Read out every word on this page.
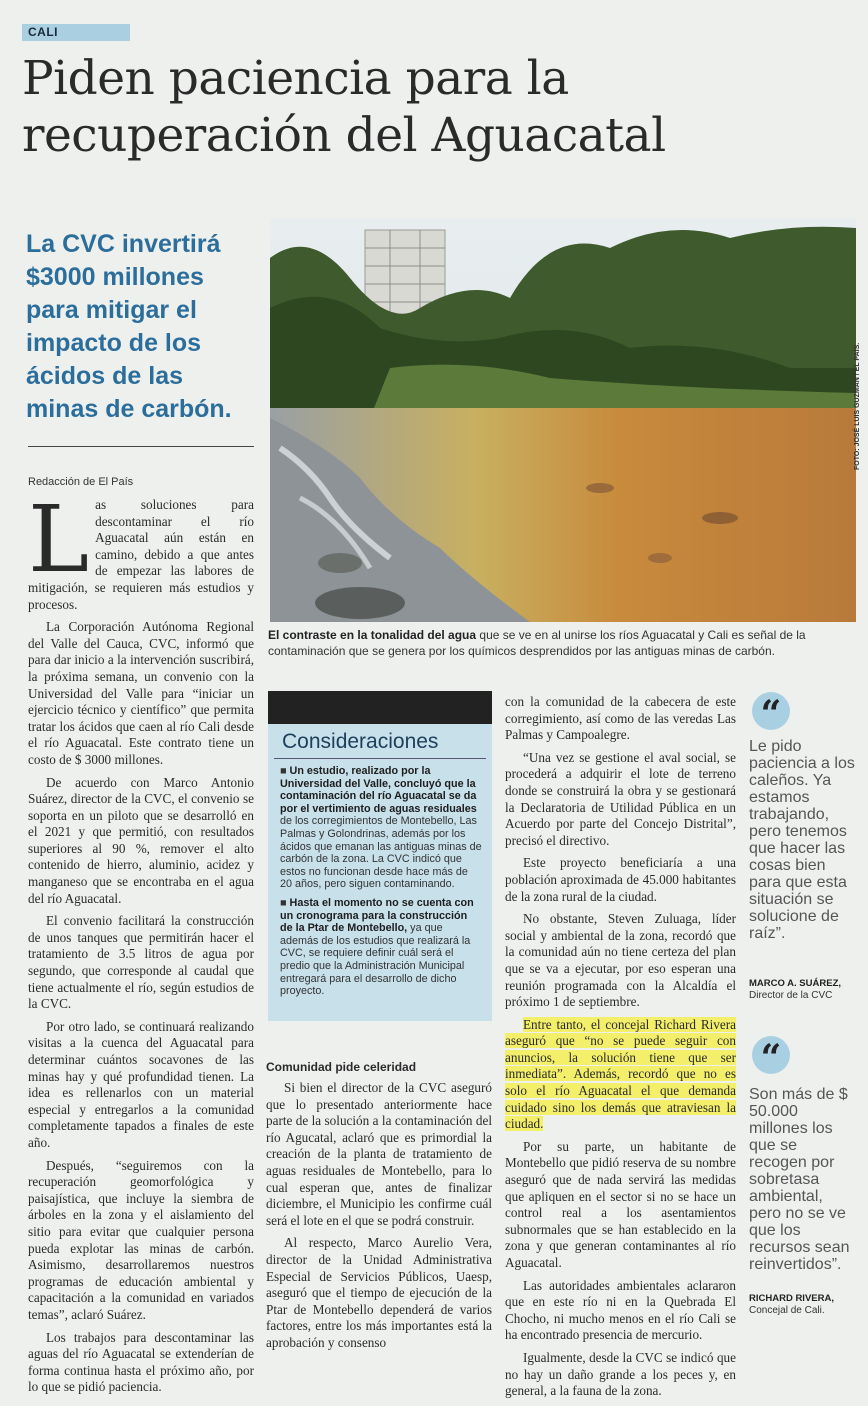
CALI
Piden paciencia para la recuperación del Aguacatal
La CVC invertirá $3000 millones para mitigar el impacto de los ácidos de las minas de carbón.
Redacción de El País
FOTO: JOSÉ LUIS GUZMÁN / EL PAÍS.
El contraste en la tonalidad del agua que se ve en al unirse los ríos Aguacatal y Cali es señal de la contaminación que se genera por los químicos desprendidos por las antiguas minas de carbón.

Las soluciones para descontaminar el río Aguacatal aún están en camino, debido a que antes de empezar las labores de mitigación, se requieren más estudios y procesos.

La Corporación Autónoma Regional del Valle del Cauca, CVC, informó que para dar inicio a la intervención suscribirá, la próxima semana, un convenio con la Universidad del Valle para “iniciar un ejercicio técnico y científico” que permita tratar los ácidos que caen al río Cali desde el río Aguacatal. Este contrato tiene un costo de $ 3000 millones.

De acuerdo con Marco Antonio Suárez, director de la CVC, el convenio se soporta en un piloto que se desarrolló en el 2021 y que permitió, con resultados superiores al 90 %, remover el alto contenido de hierro, aluminio, acidez y manganeso que se encontraba en el agua del río Aguacatal.

El convenio facilitará la construcción de unos tanques que permitirán hacer el tratamiento de 3.5 litros de agua por segundo, que corresponde al caudal que tiene actualmente el río, según estudios de la CVC.

Por otro lado, se continuará realizando visitas a la cuenca del Aguacatal para determinar cuántos socavones de las minas hay y qué profundidad tienen. La idea es rellenarlos con un material especial y entregarlos a la comunidad completamente tapados a finales de este año.

Después, “seguiremos con la recuperación geomorfológica y paisajística, que incluye la siembra de árboles en la zona y el aislamiento del sitio para evitar que cualquier persona pueda explotar las minas de carbón. Asimismo, desarrollaremos nuestros programas de educación ambiental y capacitación a la comunidad en variados temas”, aclaró Suárez.

Los trabajos para descontaminar las aguas del río Aguacatal se extenderían de forma continua hasta el próximo año, por lo que se pidió paciencia.

Consideraciones
■ Un estudio, realizado por la Universidad del Valle, concluyó que la contaminación del río Aguacatal se da por el vertimiento de aguas residuales de los corregimientos de Montebello, Las Palmas y Golondrinas, además por los ácidos que emanan las antiguas minas de carbón de la zona. La CVC indicó que estos no funcionan desde hace más de 20 años, pero siguen contaminando.
■ Hasta el momento no se cuenta con un cronograma para la construcción de la Ptar de Montebello, ya que además de los estudios que realizará la CVC, se requiere definir cuál será el predio que la Administración Municipal entregará para el desarrollo de dicho proyecto.

Comunidad pide celeridad

Si bien el director de la CVC aseguró que lo presentado anteriormente hace parte de la solución a la contaminación del río Agucatal, aclaró que es primordial la creación de la planta de tratamiento de aguas residuales de Montebello, para lo cual esperan que, antes de finalizar diciembre, el Municipio les confirme cuál será el lote en el que se podrá construir.

Al respecto, Marco Aurelio Vera, director de la Unidad Administrativa Especial de Servicios Públicos, Uaesp, aseguró que el tiempo de ejecución de la Ptar de Montebello dependerá de varios factores, entre los más importantes está la aprobación y consenso

con la comunidad de la cabecera de este corregimiento, así como de las veredas Las Palmas y Campoalegre.

“Una vez se gestione el aval social, se procederá a adquirir el lote de terreno donde se construirá la obra y se gestionará la Declaratoria de Utilidad Pública en un Acuerdo por parte del Concejo Distrital”, precisó el directivo.

Este proyecto beneficiaría a una población aproximada de 45.000 habitantes de la zona rural de la ciudad.

No obstante, Steven Zuluaga, líder social y ambiental de la zona, recordó que la comunidad aún no tiene certeza del plan que se va a ejecutar, por eso esperan una reunión programada con la Alcaldía el próximo 1 de septiembre.

Entre tanto, el concejal Richard Rivera aseguró que “no se puede seguir con anuncios, la solución tiene que ser inmediata”. Además, recordó que no es solo el río Aguacatal el que demanda cuidado sino los demás que atraviesan la ciudad.

Por su parte, un habitante de Montebello que pidió reserva de su nombre aseguró que de nada servirá las medidas que apliquen en el sector si no se hace un control real a los asentamientos subnormales que se han establecido en la zona y que generan contaminantes al río Aguacatal.

Las autoridades ambientales aclararon que en este río ni en la Quebrada El Chocho, ni mucho menos en el río Cali se ha encontrado presencia de mercurio.

Igualmente, desde la CVC se indicó que no hay un daño grande a los peces y, en general, a la fauna de la zona.

“
Le pido paciencia a los caleños. Ya estamos trabajando, pero tenemos que hacer las cosas bien para que esta situación se solucione de raíz”.
MARCO A. SUÁREZ,
Director de la CVC
“
Son más de $ 50.000 millones los que se recogen por sobretasa ambiental, pero no se ve que los recursos sean reinvertidos”.
RICHARD RIVERA,
Concejal de Cali.
